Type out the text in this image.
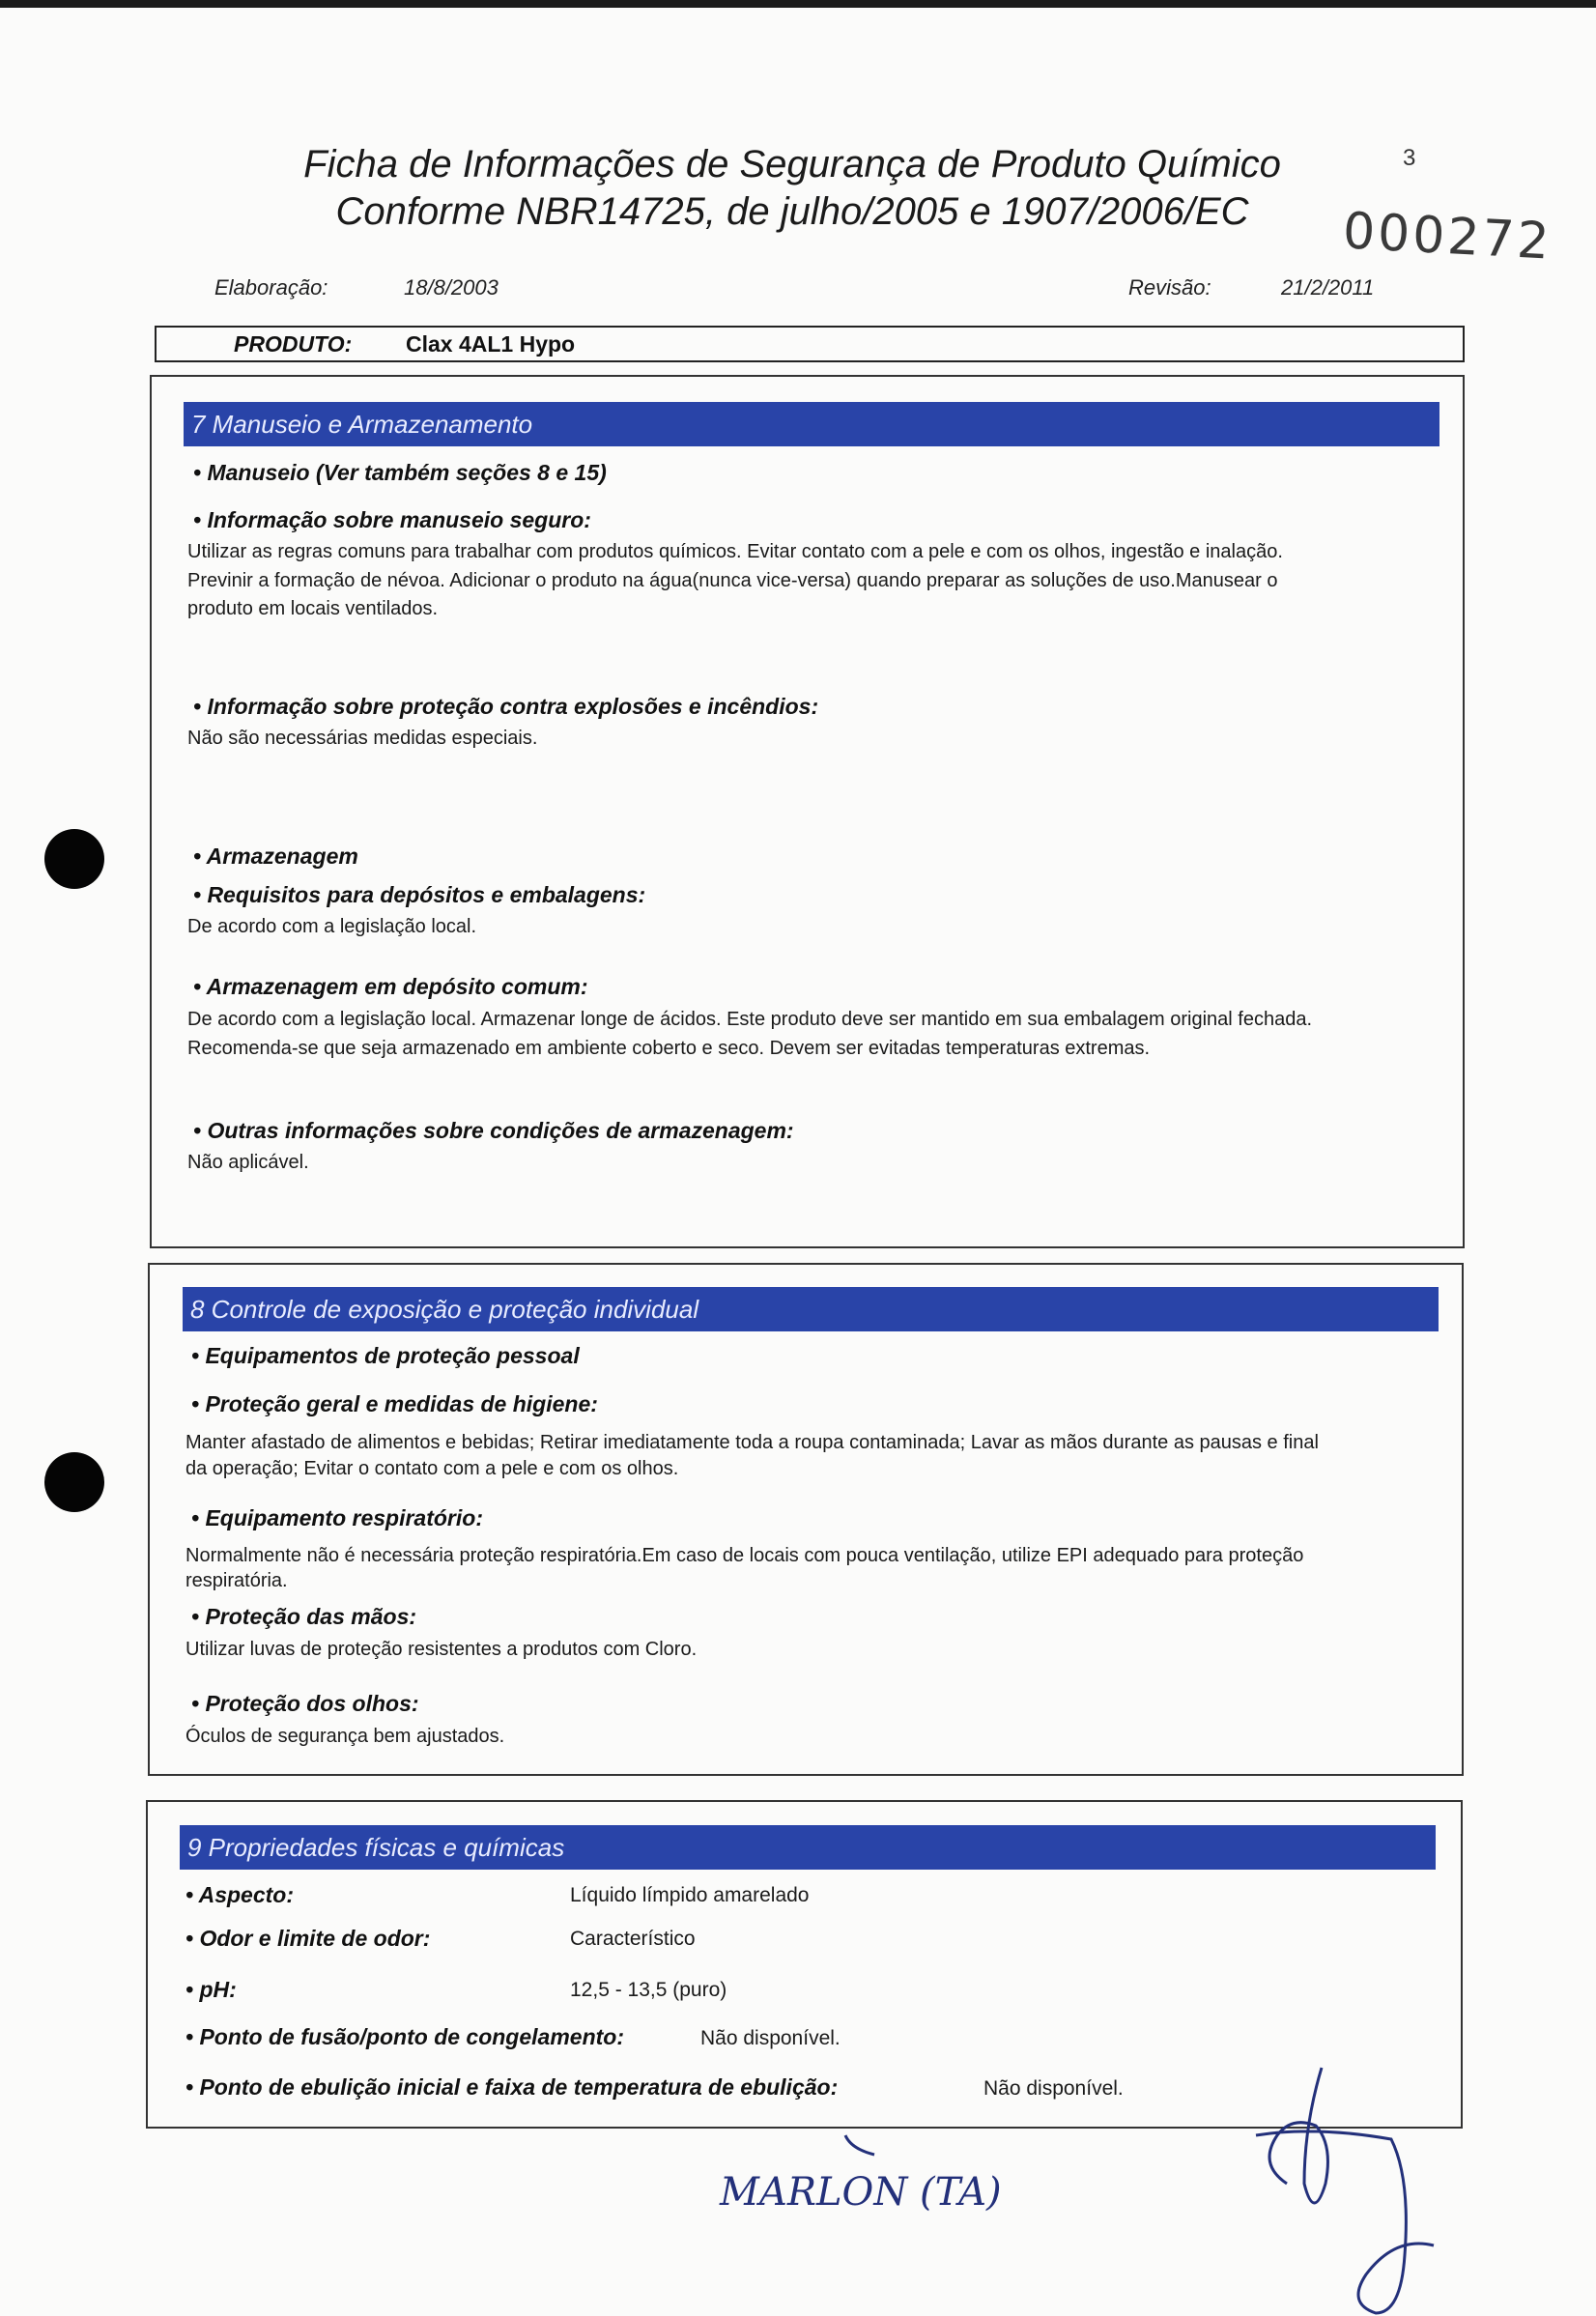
Ficha de Informações de Segurança de Produto Químico
Conforme NBR14725, de julho/2005 e 1907/2006/EC
3
000272
Elaboração:	18/8/2003	Revisão:	21/2/2011
PRODUTO: Clax 4AL1 Hypo
7 Manuseio e Armazenamento
• Manuseio (Ver também seções 8 e 15)
• Informação sobre manuseio seguro:
Utilizar as regras comuns para trabalhar com produtos químicos. Evitar contato com a pele e com os olhos, ingestão e inalação.
Previnir a formação de névoa. Adicionar o produto na água(nunca vice-versa) quando preparar as soluções de uso.Manusear o
produto em locais ventilados.
• Informação sobre proteção contra explosões e incêndios:
Não são necessárias medidas especiais.
• Armazenagem
• Requisitos para depósitos e embalagens:
De acordo com a legislação local.
• Armazenagem em depósito comum:
De acordo com a legislação local. Armazenar longe de ácidos. Este produto deve ser mantido em sua embalagem original fechada.
Recomenda-se que seja armazenado em ambiente coberto e seco. Devem ser evitadas temperaturas extremas.
• Outras informações sobre condições de armazenagem:
Não aplicável.
8 Controle de exposição e proteção individual
• Equipamentos de proteção pessoal
• Proteção geral e medidas de higiene:
Manter afastado de alimentos e bebidas; Retirar imediatamente toda a roupa contaminada; Lavar as mãos durante as pausas e final
da operação; Evitar o contato com a pele e com os olhos.
• Equipamento respiratório:
Normalmente não é necessária proteção respiratória.Em caso de locais com pouca ventilação, utilize EPI adequado para proteção
respiratória.
• Proteção das mãos:
Utilizar luvas de proteção resistentes a produtos com Cloro.
• Proteção dos olhos:
Óculos de segurança bem ajustados.
9 Propriedades físicas e químicas
• Aspecto:	Líquido límpido amarelado
• Odor e limite de odor:	Característico
• pH:	12,5 - 13,5 (puro)
• Ponto de fusão/ponto de congelamento:	Não disponível.
• Ponto de ebulição inicial e faixa de temperatura de ebulição:	Não disponível.
MARLON (TA)
